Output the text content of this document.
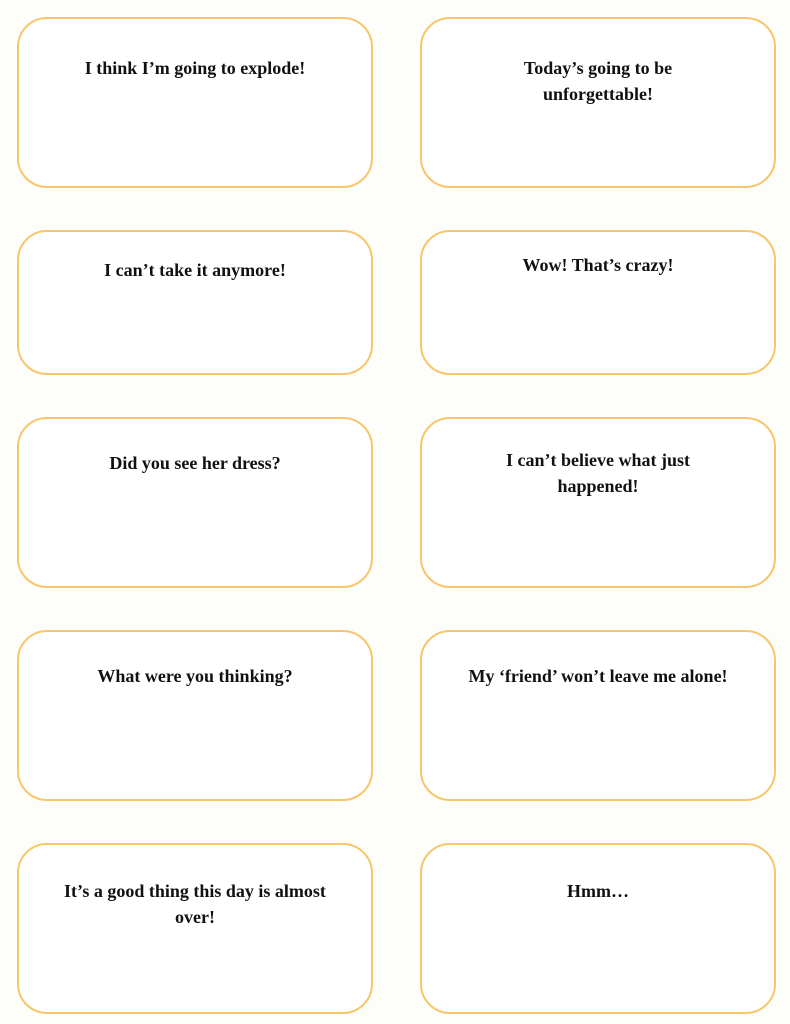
I think I’m going to explode!	Today’s going to be unforgettable!
I can’t take it anymore!	Wow! That’s crazy!
Did you see her dress?	I can’t believe what just happened!
What were you thinking?	My ‘friend’ won’t leave me alone!
It’s a good thing this day is almost over!
Hmm…
